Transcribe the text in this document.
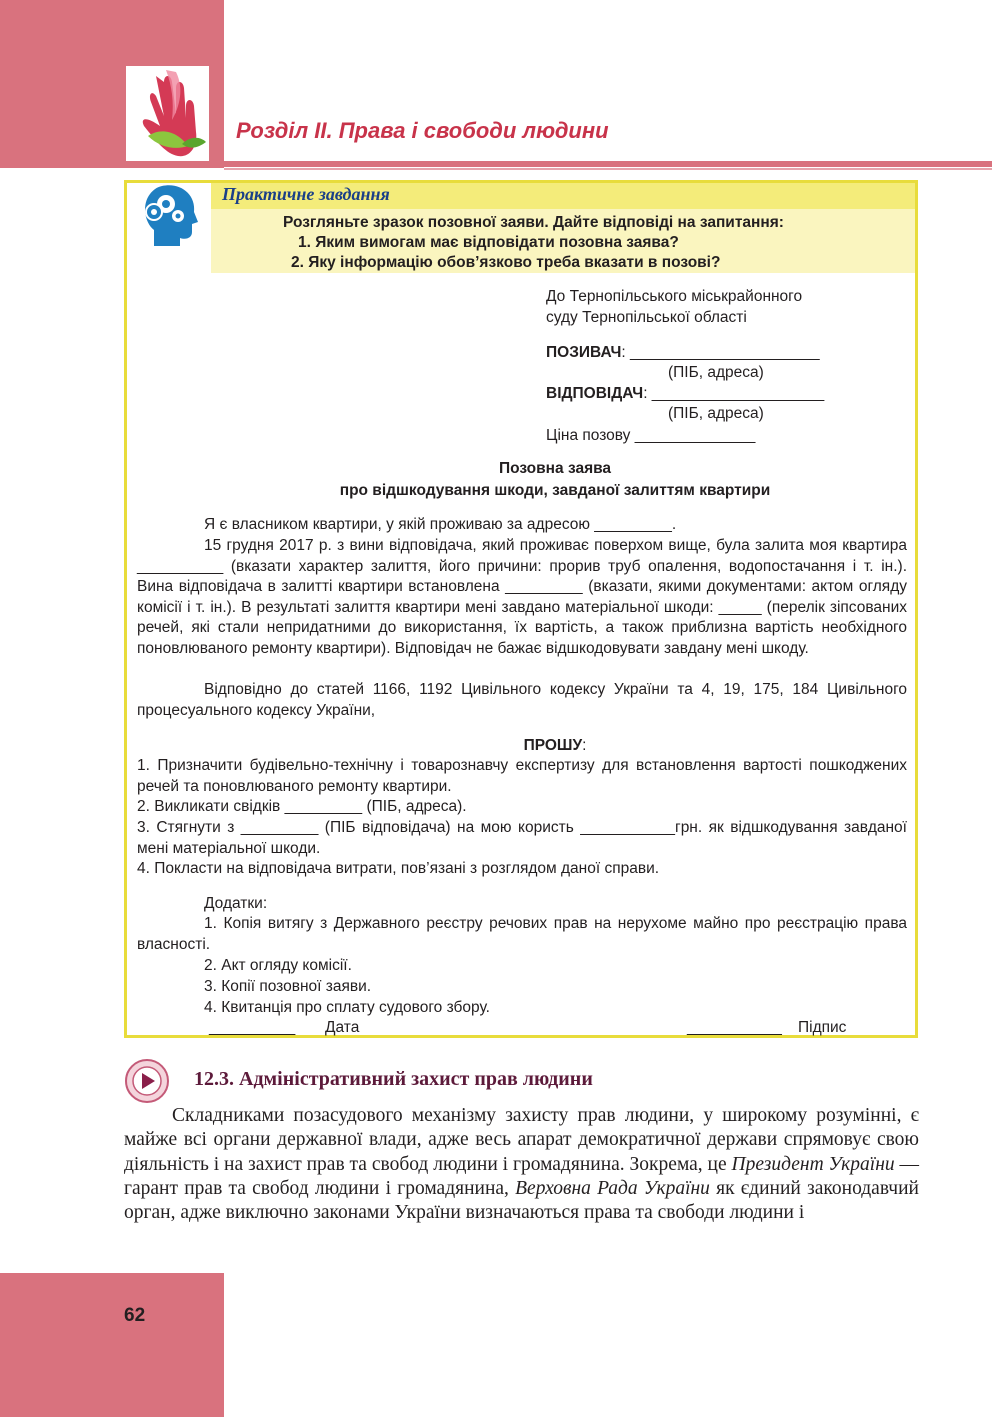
Розділ ІІ. Права і свободи людини
Практичне завдання
Розгляньте зразок позовної заяви. Дайте відповіді на запитання:
1. Яким вимогам має відповідати позовна заява?
2. Яку інформацію обов’язково треба вказати в позові?
До Тернопільського міськрайонного
суду Тернопільської області
ПОЗИВАЧ: ______________________
(ПІБ, адреса)
ВІДПОВІДАЧ: ____________________
(ПІБ, адреса)
Ціна позову ______________
Позовна заява
про відшкодування шкоди, завданої залиттям квартири
Я є власником квартири, у якій проживаю за адресою _________.
15 грудня 2017 р. з вини відповідача, який проживає поверхом вище, була залита моя квартира __________ (вказати характер залиття, його причини: прорив труб опалення, водопостачання і т. ін.). Вина відповідача в залитті квартири встановлена _________ (вказати, якими документами: актом огляду комісії і т. ін.). В результаті залиття квартири мені завдано матеріальної шкоди: _____ (перелік зіпсованих речей, які стали непридатними до використання, їх вартість, а також приблизна вартість необхідного поновлюваного ремонту квартири). Відповідач не бажає відшкодовувати завдану мені шкоду.
Відповідно до статей 1166, 1192 Цивільного кодексу України та 4, 19, 175, 184 Цивільного процесуального кодексу України,
ПРОШУ:
1. Призначити будівельно-технічну і товарознавчу експертизу для встановлення вартості пошкоджених речей та поновлюваного ремонту квартири.
2. Викликати свідків _________ (ПІБ, адреса).
3. Стягнути з _________ (ПІБ відповідача) на мою користь ___________грн. як відшкодування завданої мені матеріальної шкоди.
4. Покласти на відповідача витрати, пов’язані з розглядом даної справи.
Додатки:
1. Копія витягу з Державного реєстру речових прав на нерухоме майно про реєстрацію права власності.
2. Акт огляду комісії.
3. Копії позовної заяви.
4. Квитанція про сплату судового збору.
__________ Дата	___________ Підпис
12.3. Адміністративний захист прав людини
Складниками позасудового механізму захисту прав людини, у широкому розумінні, є майже всі органи державної влади, адже весь апарат демократичної держави спрямовує свою діяльність і на захист прав та свобод людини і громадянина. Зокрема, це Президент України — гарант прав та свобод людини і громадянина, Верховна Рада України як єдиний законодавчий орган, адже виключно законами України визначаються права та свободи людини і
62
